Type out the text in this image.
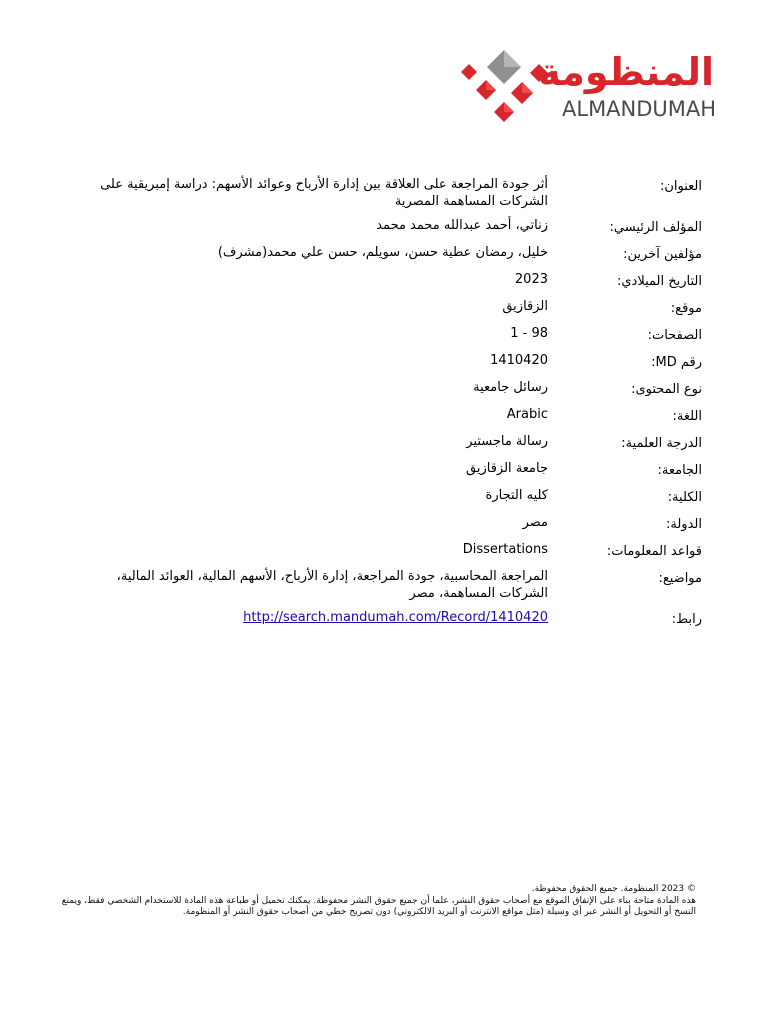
المنظومة
ALMANDUMAH
العنوان:
أثر جودة المراجعة على العلاقة بين إدارة الأرباح وعوائد الأسهم: دراسة إمبريقية على الشركات المساهمة المصرية
المؤلف الرئيسي:
زناتي، أحمد عبدالله محمد محمد
مؤلفين آخرين:
خليل، رمضان عطية حسن، سويلم، حسن علي محمد(مشرف)
التاريخ الميلادي:
2023
موقع:
الزقازيق
الصفحات:
1 - 98
رقم MD:
1410420
نوع المحتوى:
رسائل جامعية
اللغة:
Arabic
الدرجة العلمية:
رسالة ماجستير
الجامعة:
جامعة الزقازيق
الكلية:
كليه التجارة
الدولة:
مصر
قواعد المعلومات:
Dissertations
مواضيع:
المراجعة المحاسبية، جودة المراجعة، إدارة الأرباح، الأسهم المالية، العوائد المالية، الشركات المساهمة، مصر
رابط:
http://search.mandumah.com/Record/1410420

© 2023 المنظومة. جميع الحقوق محفوظة.

هذه المادة متاحة بناء على الإتفاق الموقع مع أصحاب حقوق النشر، علما أن جميع حقوق النشر محفوظة. يمكنك تحميل أو طباعة هذه المادة للاستخدام الشخصي فقط، ويمنع النسخ أو التحويل أو النشر عبر أي وسيلة (مثل مواقع الانترنت أو البريد الالكتروني) دون تصريح خطي من أصحاب حقوق النشر أو المنظومة.
